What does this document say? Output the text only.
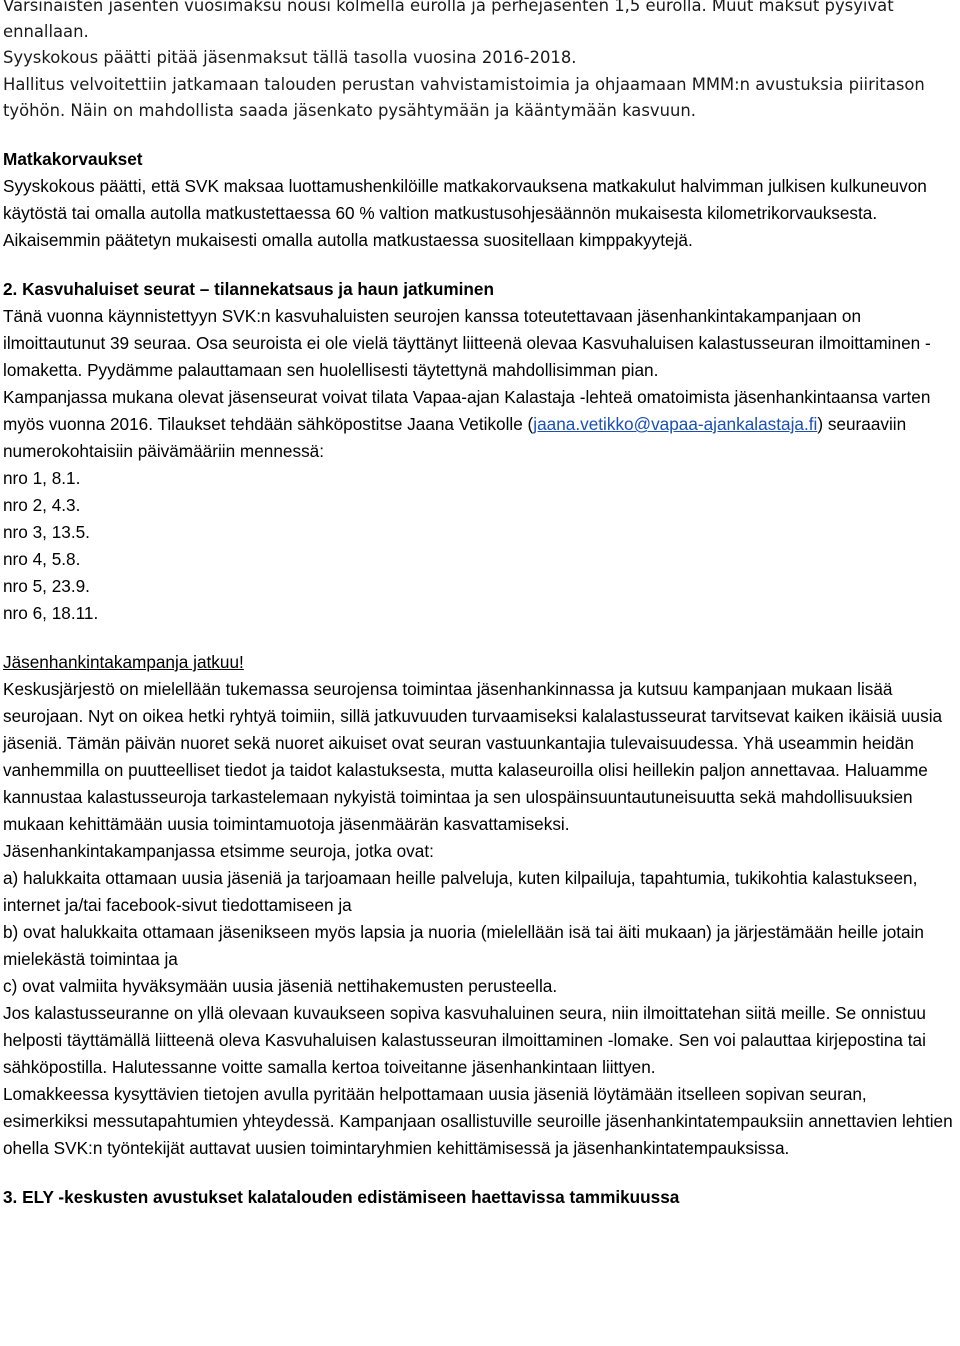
Varsinaisten jäsenten vuosimaksu nousi kolmella eurolla ja perhejäsenten 1,5 eurolla. Muut maksut pysyivät ennallaan.

Syyskokous päätti pitää jäsenmaksut tällä tasolla vuosina 2016-2018.

Hallitus velvoitettiin jatkamaan talouden perustan vahvistamistoimia ja ohjaamaan MMM:n avustuksia piiritason työhön. Näin on mahdollista saada jäsenkato pysähtymään ja kääntymään kasvuun.

Matkakorvaukset

Syyskokous päätti, että SVK maksaa luottamushenkilöille matkakorvauksena matkakulut halvimman julkisen kulkuneuvon käytöstä tai omalla autolla matkustettaessa 60 % valtion matkustusohjesäännön mukaisesta kilometrikorvauksesta.

Aikaisemmin päätetyn mukaisesti omalla autolla matkustaessa suositellaan kimppakyytejä.

2. Kasvuhaluiset seurat – tilannekatsaus ja haun jatkuminen

Tänä vuonna käynnistettyyn SVK:n kasvuhaluisten seurojen kanssa toteutettavaan jäsenhankintakampanjaan on ilmoittautunut 39 seuraa. Osa seuroista ei ole vielä täyttänyt liitteenä olevaa Kasvuhaluisen kalastusseuran ilmoittaminen -lomaketta. Pyydämme palauttamaan sen huolellisesti täytettynä mahdollisimman pian.

Kampanjassa mukana olevat jäsenseurat voivat tilata Vapaa-ajan Kalastaja -lehteä omatoimista jäsenhankintaansa varten myös vuonna 2016. Tilaukset tehdään sähköpostitse Jaana Vetikolle (jaana.vetikko@vapaa-ajankalastaja.fi) seuraaviin numerokohtaisiin päivämääriin mennessä:

nro 1, 8.1.

nro 2, 4.3.

nro 3, 13.5.

nro 4, 5.8.

nro 5, 23.9.

nro 6, 18.11.

Jäsenhankintakampanja jatkuu!

Keskusjärjestö on mielellään tukemassa seurojensa toimintaa jäsenhankinnassa ja kutsuu kampanjaan mukaan lisää seurojaan. Nyt on oikea hetki ryhtyä toimiin, sillä jatkuvuuden turvaamiseksi kalalastusseurat tarvitsevat kaiken ikäisiä uusia jäseniä. Tämän päivän nuoret sekä nuoret aikuiset ovat seuran vastuunkantajia tulevaisuudessa. Yhä useammin heidän vanhemmilla on puutteelliset tiedot ja taidot kalastuksesta, mutta kalaseuroilla olisi heillekin paljon annettavaa. Haluamme kannustaa kalastusseuroja tarkastelemaan nykyistä toimintaa ja sen ulospäinsuuntautuneisuutta sekä mahdollisuuksien mukaan kehittämään uusia toimintamuotoja jäsenmäärän kasvattamiseksi.

Jäsenhankintakampanjassa etsimme seuroja, jotka ovat:

a) halukkaita ottamaan uusia jäseniä ja tarjoamaan heille palveluja, kuten kilpailuja, tapahtumia, tukikohtia kalastukseen, internet ja/tai facebook-sivut tiedottamiseen ja

b) ovat halukkaita ottamaan jäsenikseen myös lapsia ja nuoria (mielellään isä tai äiti mukaan) ja järjestämään heille jotain mielekästä toimintaa ja

c) ovat valmiita hyväksymään uusia jäseniä nettihakemusten perusteella.

Jos kalastusseuranne on yllä olevaan kuvaukseen sopiva kasvuhaluinen seura, niin ilmoittatehan siitä meille. Se onnistuu helposti täyttämällä liitteenä oleva Kasvuhaluisen kalastusseuran ilmoittaminen -lomake. Sen voi palauttaa kirjepostina tai sähköpostilla. Halutessanne voitte samalla kertoa toiveitanne jäsenhankintaan liittyen.

Lomakkeessa kysyttävien tietojen avulla pyritään helpottamaan uusia jäseniä löytämään itselleen sopivan seuran, esimerkiksi messutapahtumien yhteydessä. Kampanjaan osallistuville seuroille jäsenhankintatempauksiin annettavien lehtien ohella SVK:n työntekijät auttavat uusien toimintaryhmien kehittämisessä ja jäsenhankintatempauksissa.

3. ELY -keskusten avustukset kalatalouden edistämiseen haettavissa tammikuussa
